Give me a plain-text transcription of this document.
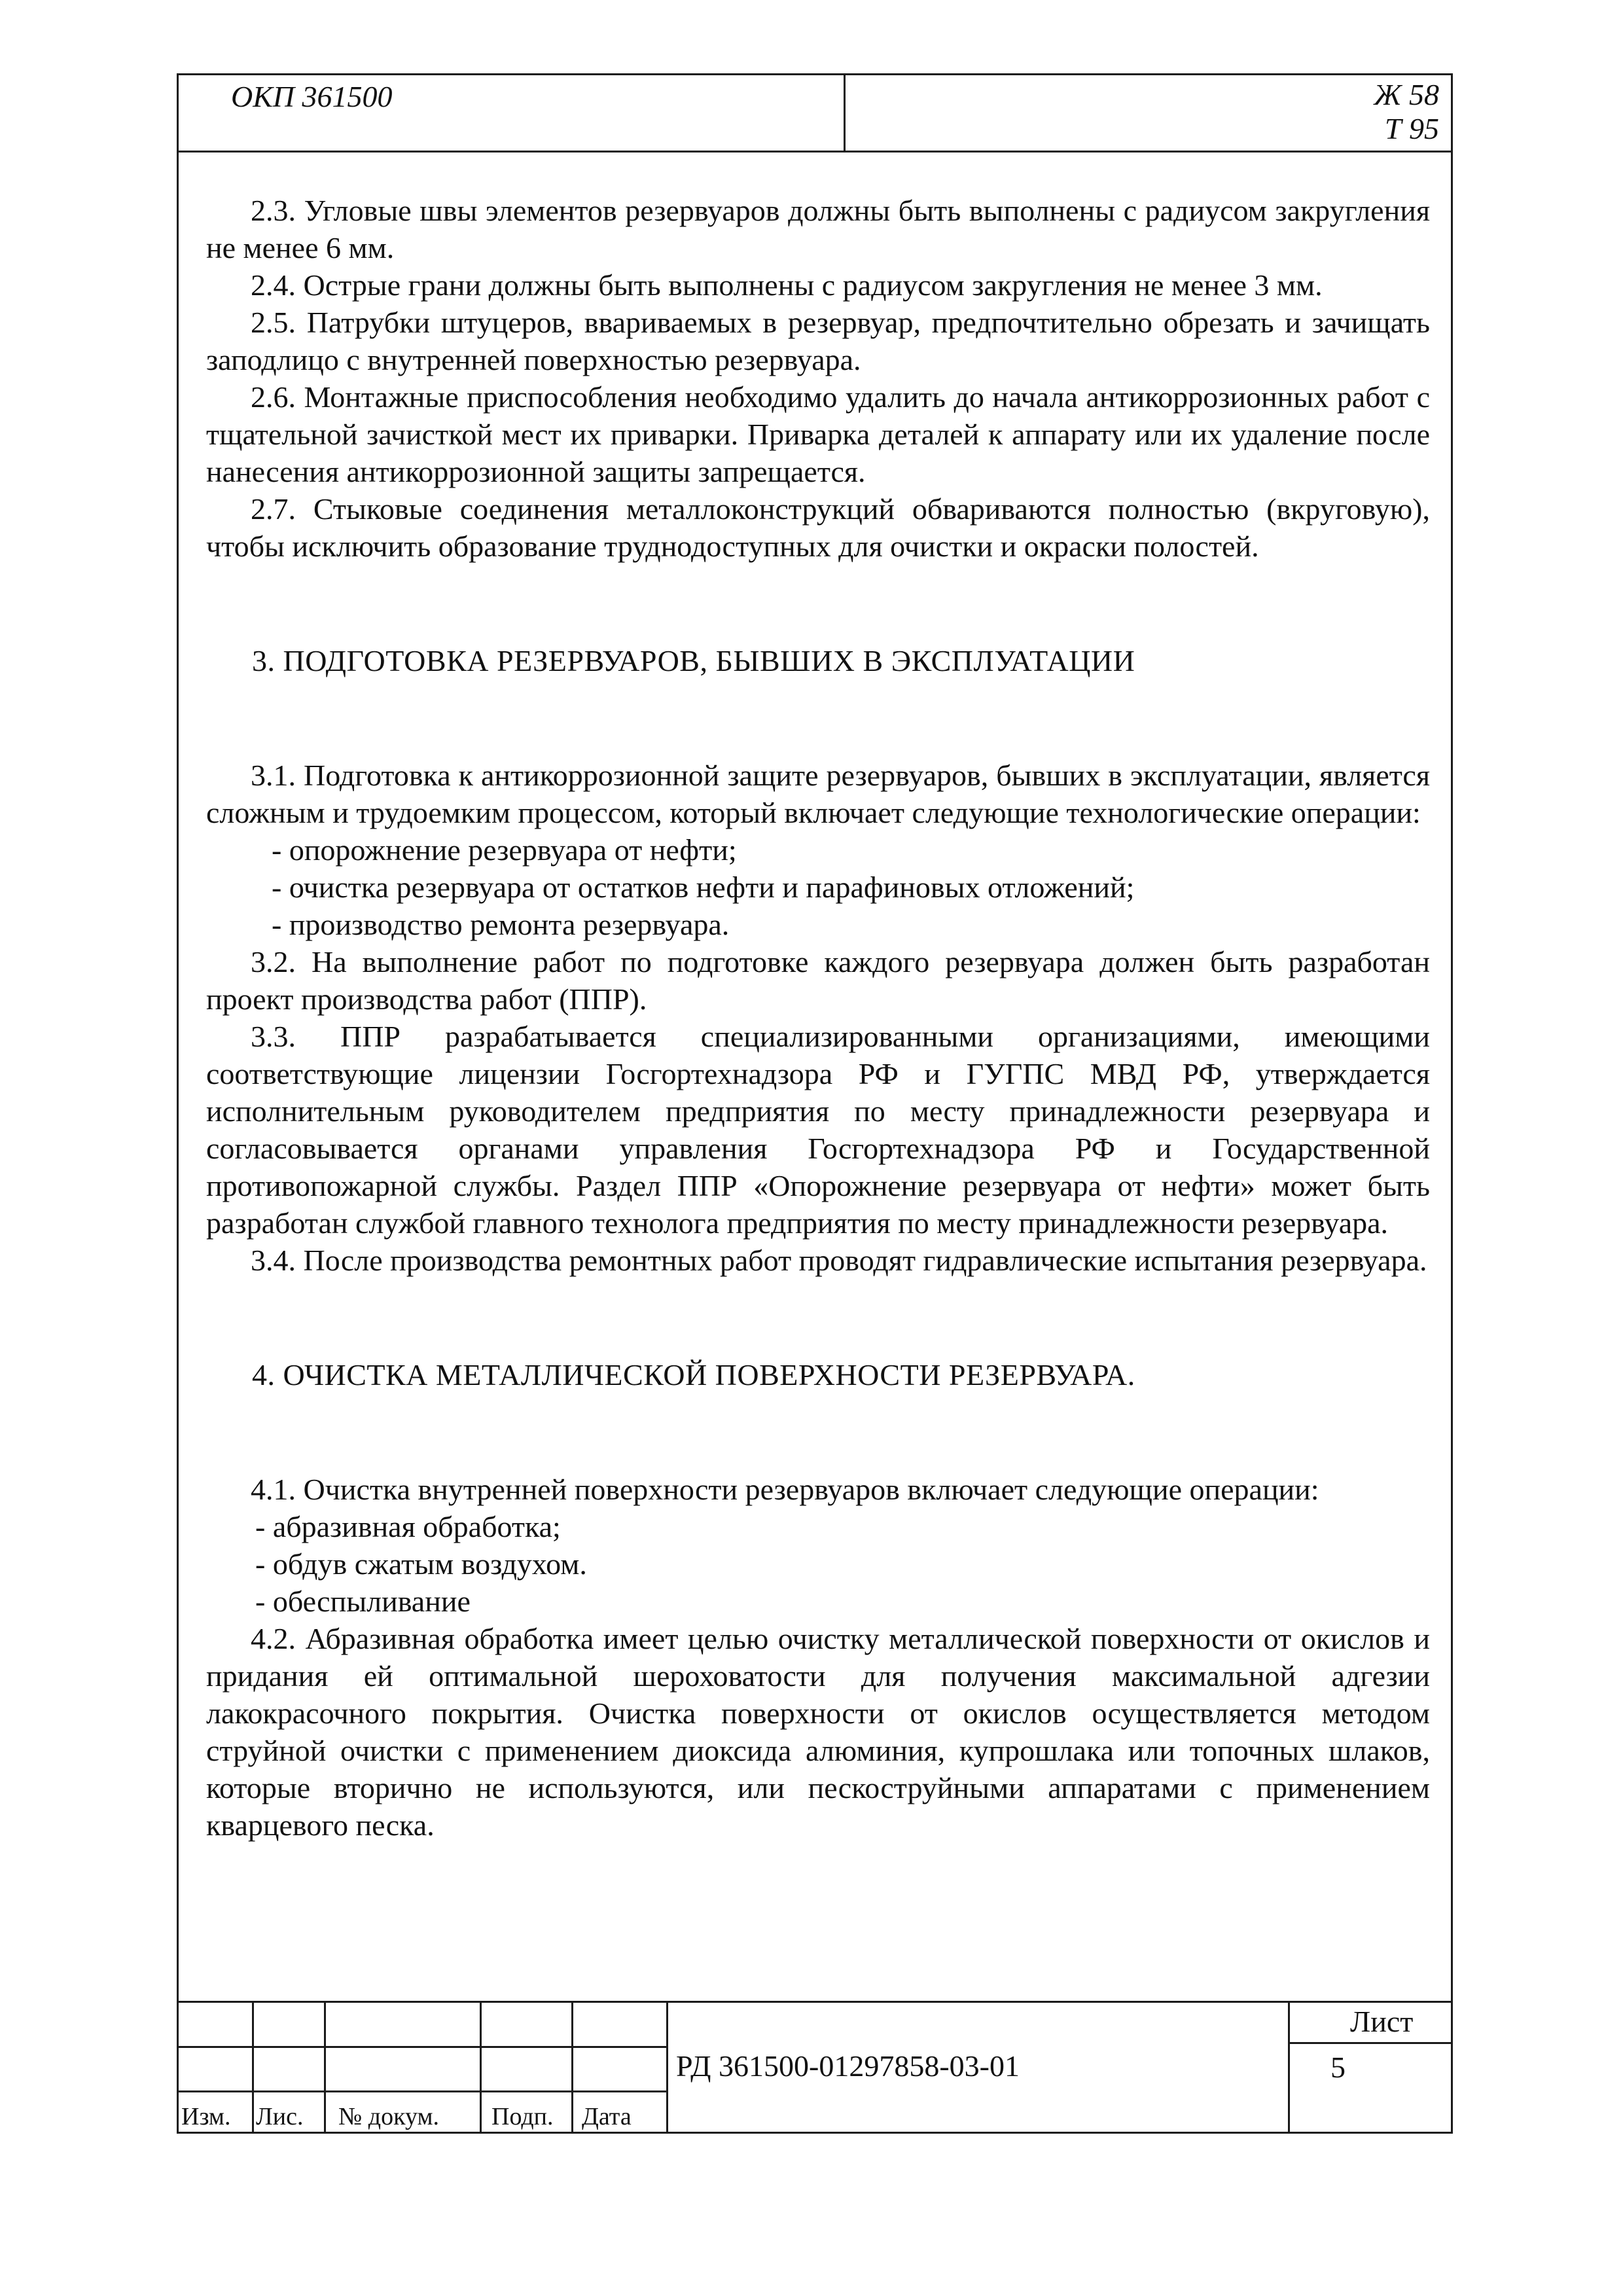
ОКП 361500	Ж 58
Т 95

2.3. Угловые швы элементов резервуаров должны быть выполнены с радиусом закругления не менее 6 мм.

2.4. Острые грани должны быть выполнены с радиусом закругления не менее 3 мм.

2.5. Патрубки штуцеров, ввариваемых в резервуар, предпочтительно обрезать и зачищать заподлицо с внутренней поверхностью резервуара.

2.6. Монтажные приспособления необходимо удалить до начала антикоррозионных работ с тщательной зачисткой мест их приварки. Приварка деталей к аппарату или их удаление после нанесения антикоррозионной защиты запрещается.

2.7. Стыковые соединения металлоконструкций обвариваются полностью (вкруговую), чтобы исключить образование труднодоступных для очистки и окраски полостей.

3. ПОДГОТОВКА РЕЗЕРВУАРОВ, БЫВШИХ В ЭКСПЛУАТАЦИИ

3.1. Подготовка к антикоррозионной защите резервуаров, бывших в эксплуатации, является сложным и трудоемким процессом, который включает следующие технологические операции:

- опорожнение резервуара от нефти;

- очистка резервуара от остатков нефти и парафиновых отложений;

- производство ремонта резервуара.

3.2. На выполнение работ по подготовке каждого резервуара должен быть разработан проект производства работ (ППР).

3.3. ППР разрабатывается специализированными организациями, имеющими соответствующие лицензии Госгортехнадзора РФ и ГУГПС МВД РФ, утверждается исполнительным руководителем предприятия по месту принадлежности резервуара и согласовывается органами управления Госгортехнадзора РФ и Государственной противопожарной службы. Раздел ППР «Опорожнение резервуара от нефти» может быть разработан службой главного технолога предприятия по месту принадлежности резервуара.

3.4. После производства ремонтных работ проводят гидравлические испытания резервуара.

4. ОЧИСТКА МЕТАЛЛИЧЕСКОЙ ПОВЕРХНОСТИ РЕЗЕРВУАРА.

4.1. Очистка внутренней поверхности резервуаров включает следующие операции:

- абразивная обработка;

- обдув сжатым воздухом.

- обеспыливание

4.2. Абразивная обработка имеет целью очистку металлической поверхности от окислов и придания ей оптимальной шероховатости для получения максимальной адгезии лакокрасочного покрытия. Очистка поверхности от окислов осуществляется методом струйной очистки с применением диоксида алюминия, купрошлака или топочных шлаков, которые вторично не используются, или пескоструйными аппаратами с применением кварцевого песка.

Изм. Лис. № докум. Подп. Дата
РД 361500-01297858-03-01
Лист
5
